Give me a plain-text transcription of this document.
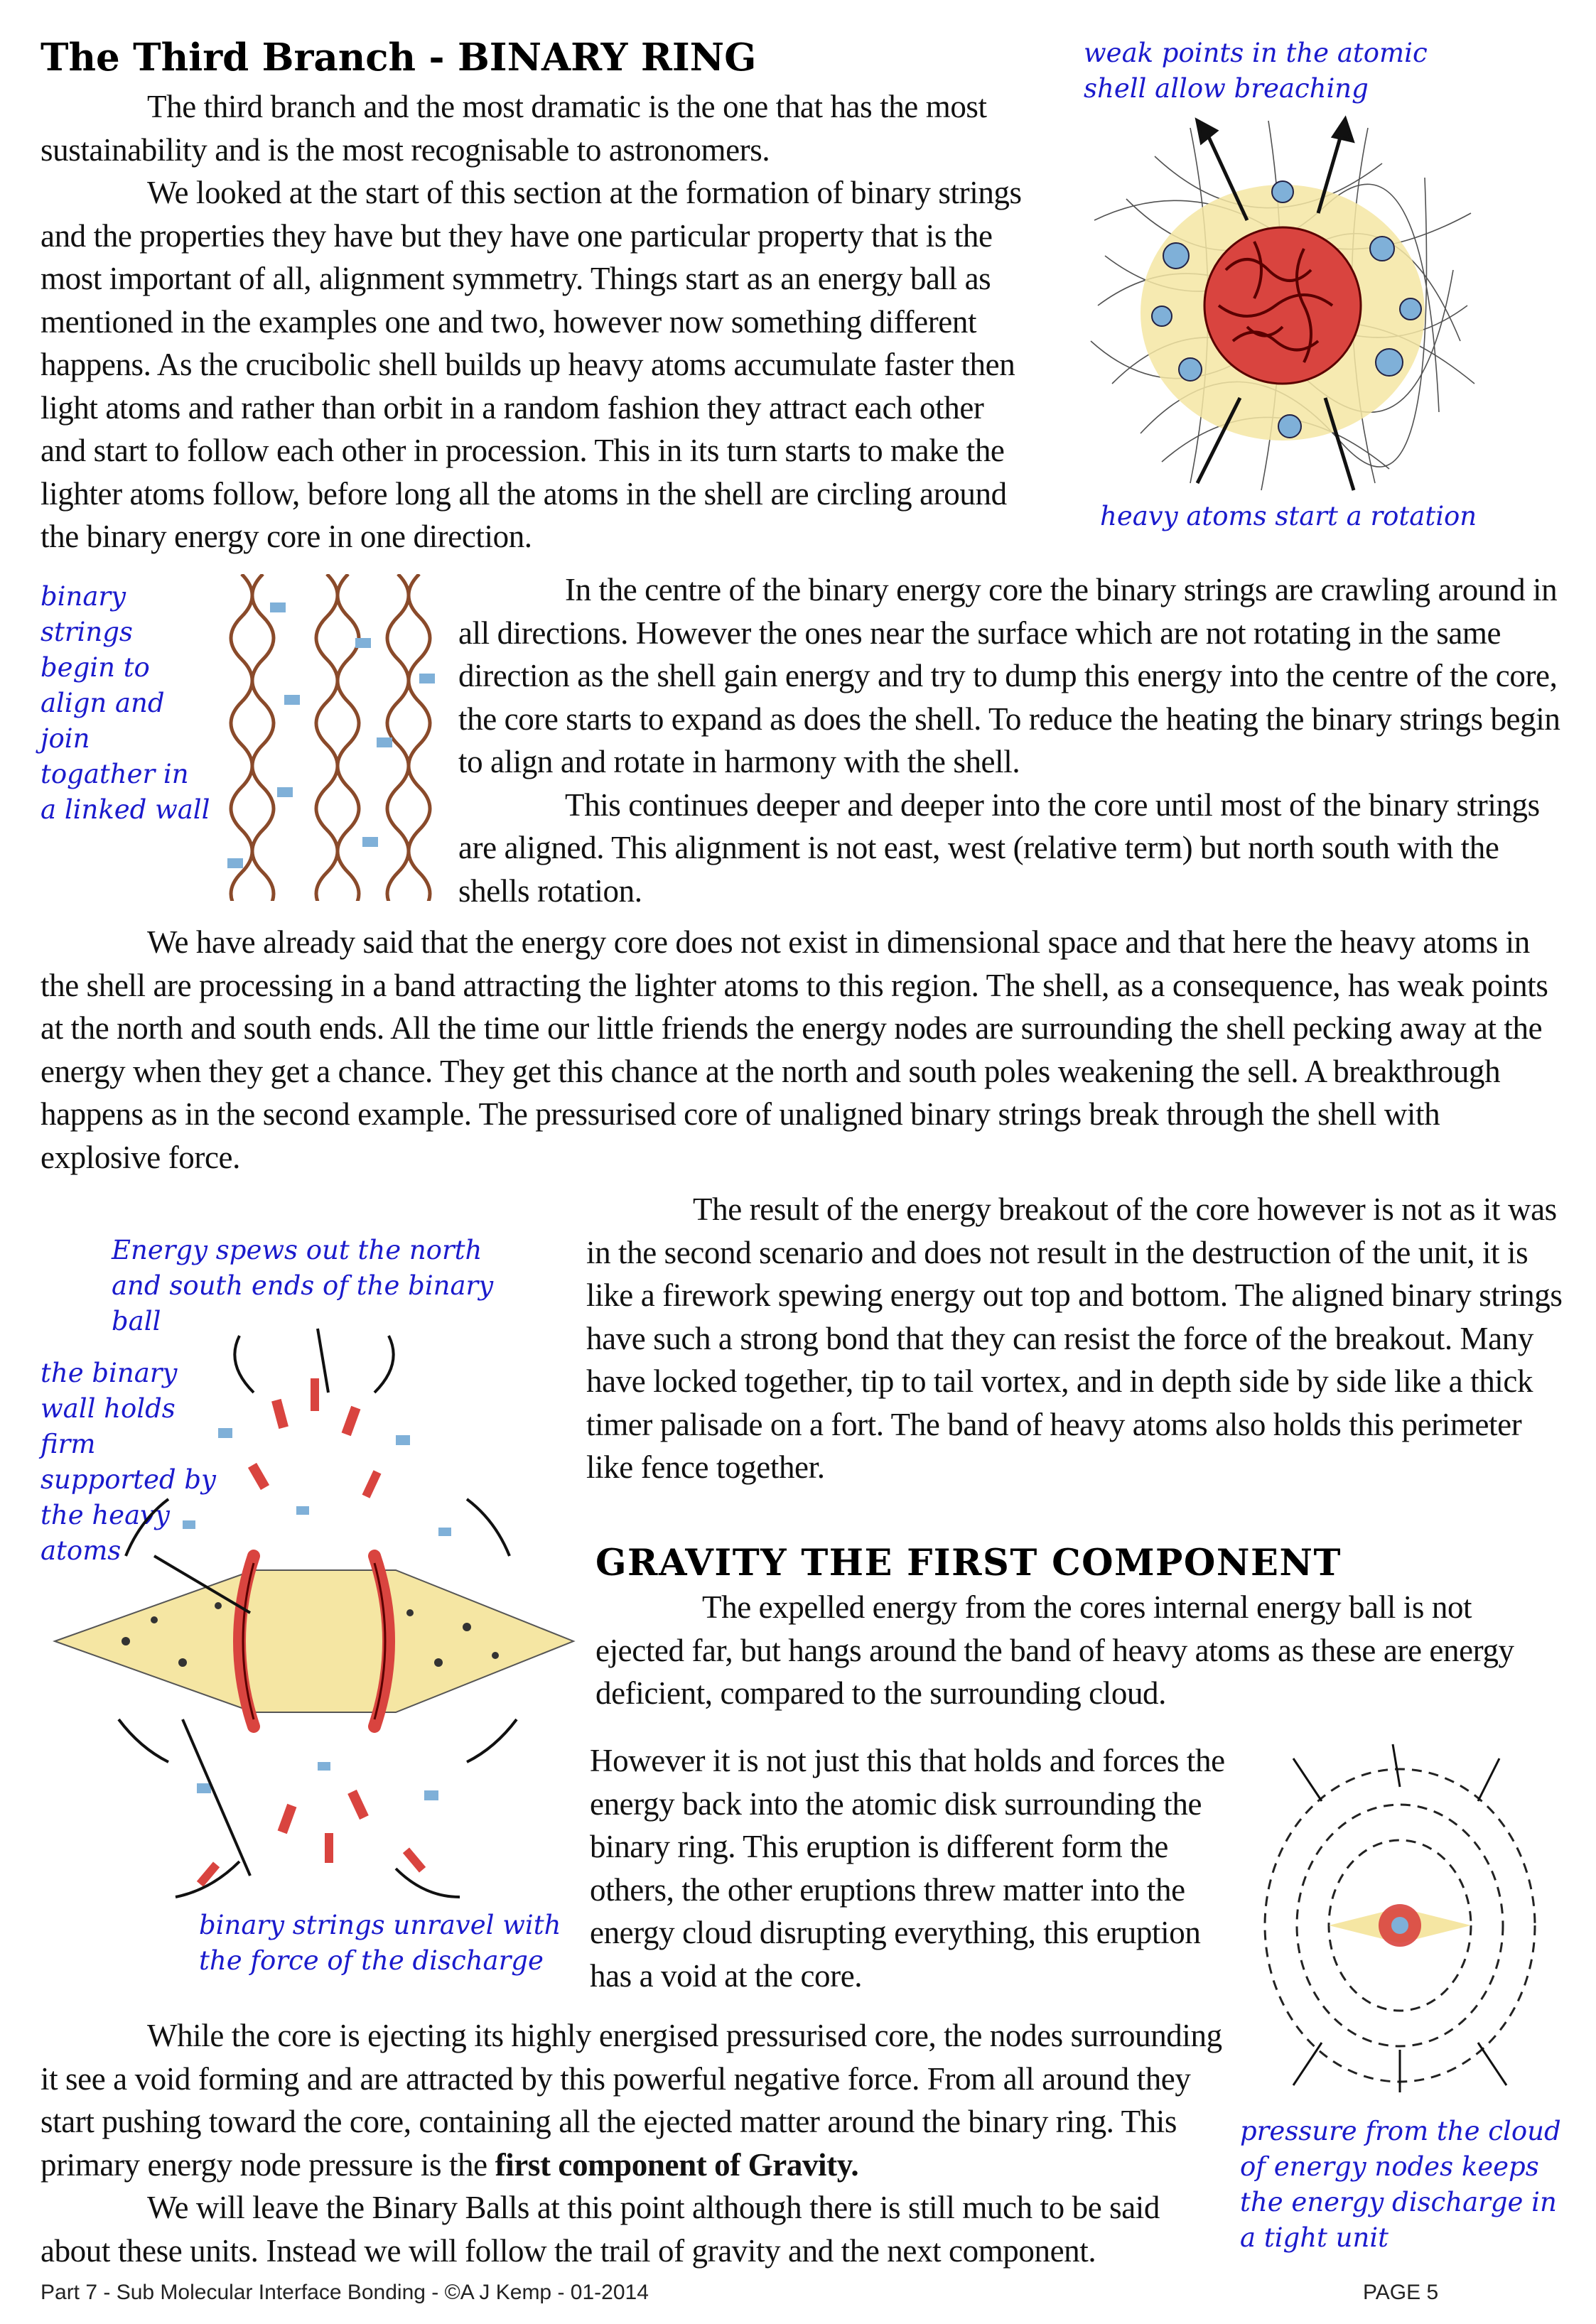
The Third Branch - BINARY RING

The third branch and the most dramatic is the one that has the most sustainability and is the most recognisable to astronomers.

We looked at the start of this section at the formation of binary strings and the properties they have but they have one particular property that is the most important of all, alignment symmetry. Things start as an energy ball as mentioned in the examples one and two, however now something different happens. As the crucibolic shell builds up heavy atoms accumulate faster then light atoms and rather than orbit in a random fashion they attract each other and start to follow each other in procession. This in its turn starts to make the lighter atoms follow, before long all the atoms in the shell are circling around the binary energy core in one direction.

weak points in the atomic shell allow breaching

heavy atoms start a rotation

binary strings begin to align and join togather in a linked wall

In the centre of the binary energy core the binary strings are crawling around in all directions. However the ones near the surface which are not rotating in the same direction as the shell gain energy and try to dump this energy into the centre of the core, the core starts to expand as does the shell. To reduce the heating the binary strings begin to align and rotate in harmony with the shell.

This continues deeper and deeper into the core until most of the binary strings are aligned. This alignment is not east, west (relative term) but north south with the shells rotation.

We have already said that the energy core does not exist in dimensional space and that here the heavy atoms in the shell are processing in a band attracting the lighter atoms to this region. The shell, as a consequence, has weak points at the north and south ends. All the time our little friends the energy nodes are surrounding the shell pecking away at the energy when they get a chance. They get this chance at the north and south poles weakening the sell. A breakthrough happens as in the second example. The pressurised core of unaligned binary strings break through the shell with explosive force.

The result of the energy breakout of the core however is not as it was in the second scenario and does not result in the destruction of the unit, it is like a firework spewing energy out top and bottom. The aligned binary strings have such a strong bond that they can resist the force of the breakout. Many have locked together, tip to tail vortex, and in depth side by side like a thick timer palisade on a fort. The band of heavy atoms also holds this perimeter like fence together.

Energy spews out the north and south ends of the binary ball

the binary wall holds firm supported by the heavy atoms

binary strings unravel with the force of the discharge

GRAVITY THE FIRST COMPONENT

The expelled energy from the cores internal energy ball is not ejected far, but hangs around the band of heavy atoms as these are energy deficient, compared to the surrounding cloud.

However it is not just this that holds and forces the energy back into the atomic disk surrounding the binary ring. This eruption is different form the others, the other eruptions threw matter into the energy cloud disrupting everything, this eruption has a void at the core.

While the core is ejecting its highly energised pressurised core, the nodes surrounding it see a void forming and are attracted by this powerful negative force. From all around they start pushing toward the core, containing all the ejected matter around the binary ring. This primary energy node pressure is the first component of Gravity.

We will leave the Binary Balls at this point although there is still much to be said about these units. Instead we will follow the trail of gravity and the next component.

pressure from the cloud of energy nodes keeps the energy discharge in a tight unit

Part 7 - Sub Molecular Interface Bonding - ©A J Kemp - 01-2014	PAGE 5
